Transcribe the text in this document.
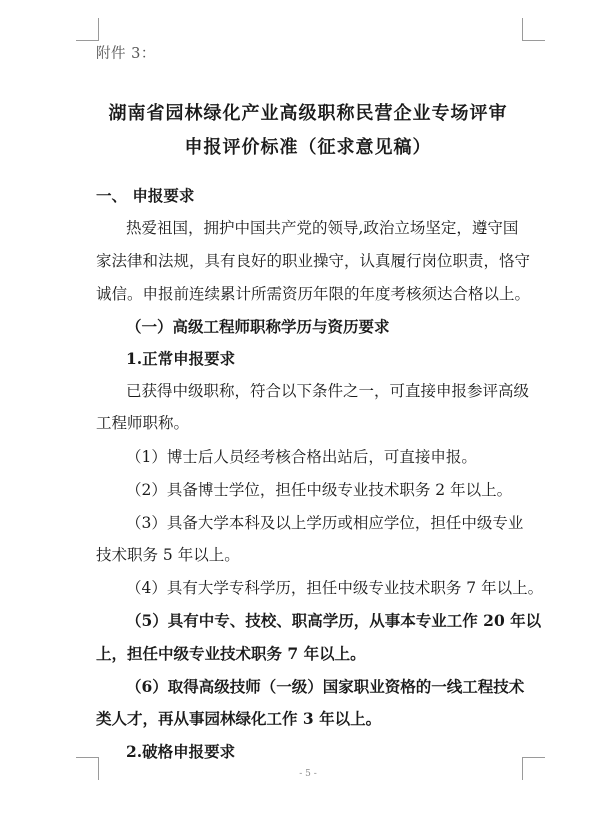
附件 3：
湖南省园林绿化产业高级职称民营企业专场评审
申报评价标准（征求意见稿）
一、 申报要求
热爱祖国，拥护中国共产党的领导,政治立场坚定，遵守国
家法律和法规，具有良好的职业操守，认真履行岗位职责，恪守
诚信。申报前连续累计所需资历年限的年度考核须达合格以上。
（一）高级工程师职称学历与资历要求
1.正常申报要求
已获得中级职称，符合以下条件之一，可直接申报参评高级
工程师职称。
（1）博士后人员经考核合格出站后，可直接申报。
（2）具备博士学位，担任中级专业技术职务 2 年以上。
（3）具备大学本科及以上学历或相应学位，担任中级专业
技术职务 5 年以上。
（4）具有大学专科学历，担任中级专业技术职务 7 年以上。
（5）具有中专、技校、职高学历，从事本专业工作 20 年以
上，担任中级专业技术职务 7 年以上。
（6）取得高级技师（一级）国家职业资格的一线工程技术
类人才，再从事园林绿化工作 3 年以上。
2.破格申报要求
- 5 -
